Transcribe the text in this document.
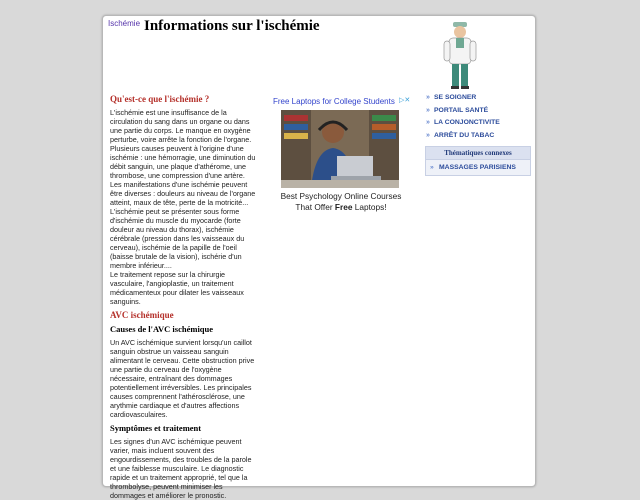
Ischémie Informations sur l'ischémie
Qu'est-ce que l'ischémie ?

L'ischémie est une insuffisance de la circulation du sang dans un organe ou dans une partie du corps. Le manque en oxygène perturbe, voire arrête la fonction de l'organe. Plusieurs causes peuvent à l'origine d'une ischémie : une hémorragie, une diminution du débit sanguin, une plaque d'athérome, une thrombose, une compression d'une artère. Les manifestations d'une ischémie peuvent être diverses : douleurs au niveau de l'organe atteint, maux de tête, perte de la motricité... L'ischémie peut se présenter sous forme d'ischémie du muscle du myocarde (forte douleur au niveau du thorax), ischémie cérébrale (pression dans les vaisseaux du cerveau), ischémie de la papille de l'oeil (baisse brutale de la vision), ischérie d'un membre inférieur....

Le traitement repose sur la chirurgie vasculaire, l'angioplastie, un traitement médicamenteux pour dilater les vaisseaux sanguins.

AVC ischémique
Causes de l'AVC ischémique

Un AVC ischémique survient lorsqu'un caillot sanguin obstrue un vaisseau sanguin alimentant le cerveau. Cette obstruction prive une partie du cerveau de l'oxygène nécessaire, entraînant des dommages potentiellement irréversibles. Les principales causes comprennent l'athérosclérose, une arythmie cardiaque et d'autres affections cardiovasculaires.

Symptômes et traitement

Les signes d'un AVC ischémique peuvent varier, mais incluent souvent des engourdissements, des troubles de la parole et une faiblesse musculaire. Le diagnostic rapide et un traitement approprié, tel que la thrombolyse, peuvent minimiser les dommages et améliorer le pronostic.

Free Laptops for College Students ▷✕
Best Psychology Online Courses That Offer Free Laptops!
» SE SOIGNER
» PORTAIL SANTÉ
» LA CONJONCTIVITE
» ARRÊT DU TABAC
Thématiques connexes
» MASSAGES PARISIENS
